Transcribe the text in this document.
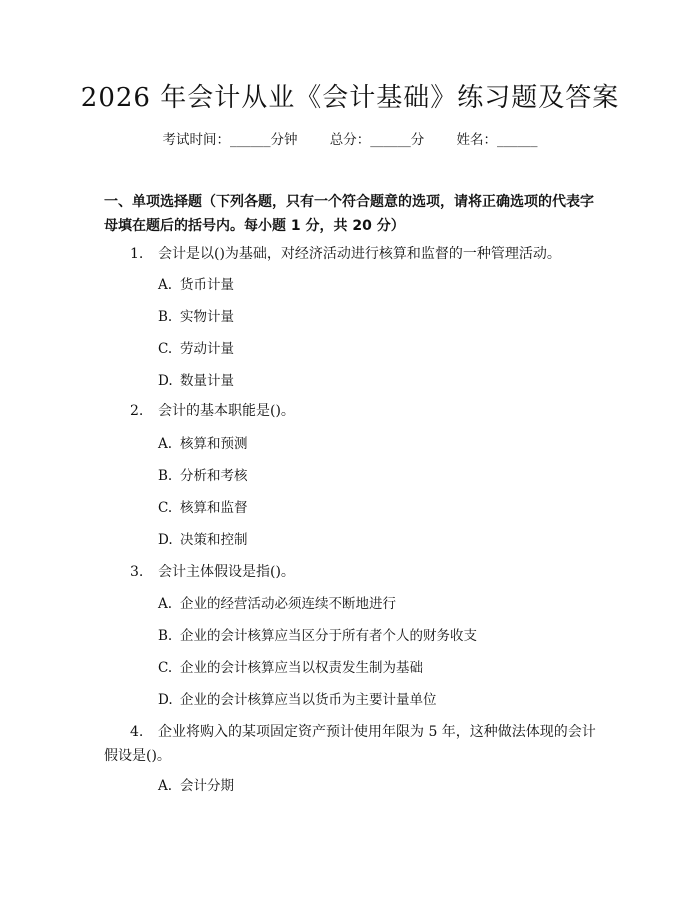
2026 年会计从业《会计基础》练习题及答案
考试时间：______分钟 总分：______分 姓名：______
一、单项选择题（下列各题，只有一个符合题意的选项，请将正确选项的代表字母填在题后的括号内。每小题 1 分，共 20 分）
1. 会计是以()为基础，对经济活动进行核算和监督的一种管理活动。
A. 货币计量
B. 实物计量
C. 劳动计量
D. 数量计量
2. 会计的基本职能是()。
A. 核算和预测
B. 分析和考核
C. 核算和监督
D. 决策和控制
3. 会计主体假设是指()。
A. 企业的经营活动必须连续不断地进行
B. 企业的会计核算应当区分于所有者个人的财务收支
C. 企业的会计核算应当以权责发生制为基础
D. 企业的会计核算应当以货币为主要计量单位
4. 企业将购入的某项固定资产预计使用年限为 5 年，这种做法体现的会计假设是()。
A. 会计分期
